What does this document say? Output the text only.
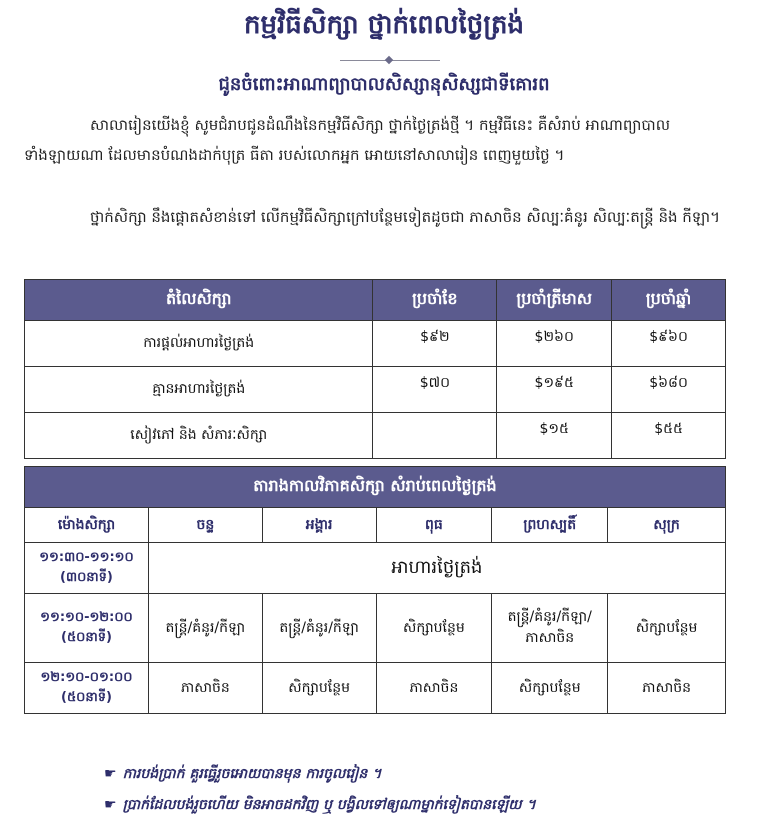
កម្មវិធីសិក្សា ថ្នាក់ពេលថ្ងៃត្រង់
ជូនចំពោះអាណាព្យាបាលសិស្សានុសិស្សជាទីគោរព
សាលារៀនយើងខ្ញុំ សូមជំរាបជូនដំណឹងនៃកម្មវិធីសិក្សា ថ្នាក់ថ្ងៃត្រង់ថ្មី ។ កម្មវិធីនេះ គឺសំរាប់ អាណាព្យាបាលទាំងឡាយណា ដែលមានបំណងដាក់បុត្រ ធីតា របស់លោកអ្នក អោយនៅសាលារៀន ពេញមួយថ្ងៃ ។
ថ្នាក់សិក្សា នឹងផ្តោតសំខាន់ទៅ លើកម្មវិធីសិក្សាក្រៅបន្ថែមទៀតដូចជា ភាសាចិន សិល្បៈគំនូរ សិល្បៈតន្ត្រី និង កីឡា។
តំលៃសិក្សា	ប្រចាំខែ	ប្រចាំត្រីមាស	ប្រចាំឆ្នាំ
ការផ្តល់អាហារថ្ងៃត្រង់	$៩២	$២៦០	$៩៦០
គ្មានអាហារថ្ងៃត្រង់	$៧០	$១៩៥	$៦៨០
សៀវភៅ និង សំភារៈសិក្សា		$១៥	$៥៥
តារាងកាលវិភាគសិក្សា សំរាប់ពេលថ្ងៃត្រង់					
ម៉ោងសិក្សា	ចន្ទ	អង្គារ	ពុធ	ព្រហស្បតិ៍	សុក្រ

១១:៣០-១១:១០
(៣០នាទី)	អាហារថ្ងៃត្រង់				

១១:១០-១២:០០
(៥០នាទី)	តន្ត្រី/គំនូរ/កីឡា	តន្ត្រី/គំនូរ/កីឡា	សិក្សាបន្ថែម	តន្ត្រី/គំនូរ/កីឡា/ ភាសាចិន	សិក្សាបន្ថែម

១២:១០-០១:០០
(៥០នាទី)	ភាសាចិន	សិក្សាបន្ថែម	ភាសាចិន	សិក្សាបន្ថែម	ភាសាចិន
☛ ការបង់ប្រាក់ គួរធ្វើរួចអោយបានមុន ការចូលរៀន ។
☛ ប្រាក់ដែលបង់រួចហើយ មិនអាចដកវិញ ឬ បង្វិលទៅឲ្យណាម្នាក់ទៀតបានឡើយ ។
